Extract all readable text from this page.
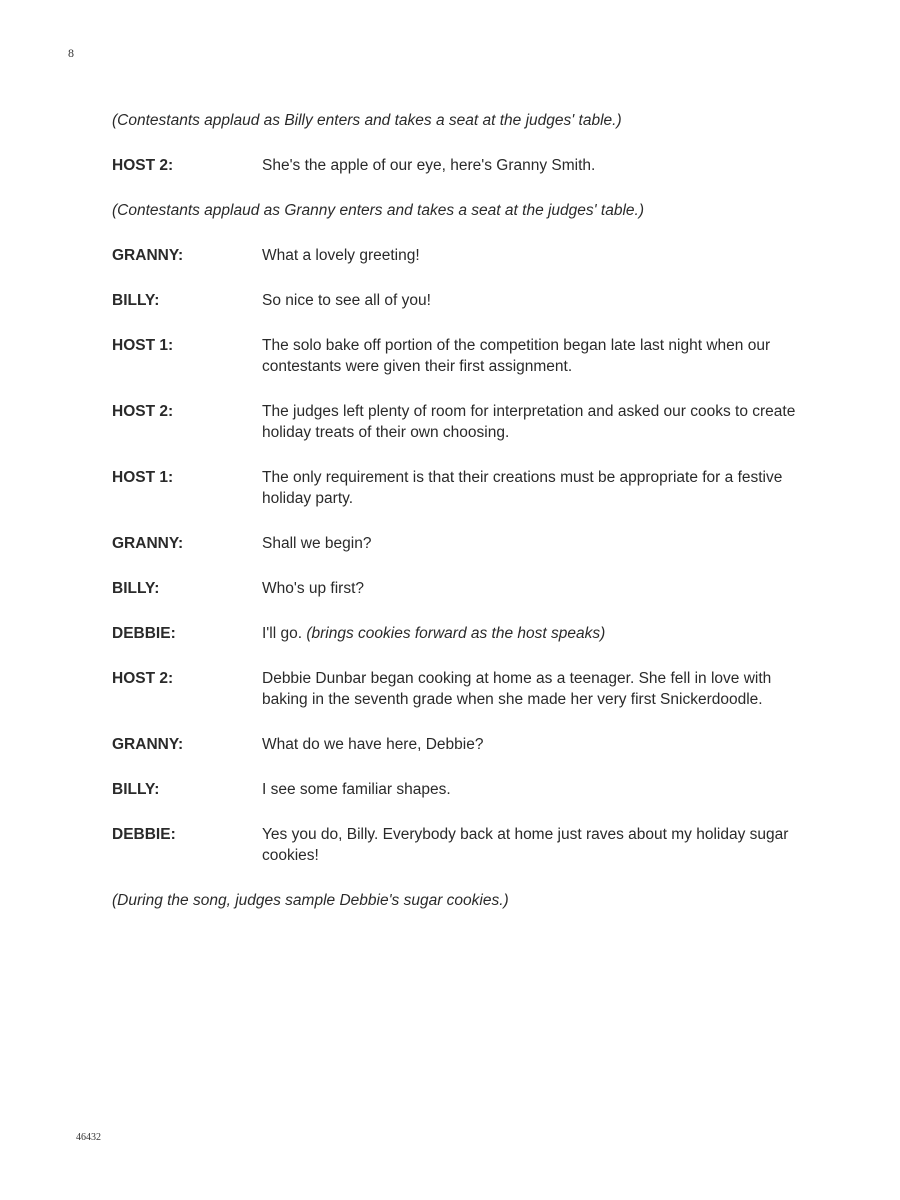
8
(Contestants applaud as Billy enters and takes a seat at the judges' table.)
HOST 2:	She's the apple of our eye, here's Granny Smith.
(Contestants applaud as Granny enters and takes a seat at the judges' table.)
GRANNY:	What a lovely greeting!
BILLY:	So nice to see all of you!
HOST 1:	The solo bake off portion of the competition began late last night when our contestants were given their first assignment.
HOST 2:	The judges left plenty of room for interpretation and asked our cooks to create holiday treats of their own choosing.
HOST 1:	The only requirement is that their creations must be appropriate for a festive holiday party.
GRANNY:	Shall we begin?
BILLY:	Who's up first?
DEBBIE:	I'll go. (brings cookies forward as the host speaks)
HOST 2:	Debbie Dunbar began cooking at home as a teenager. She fell in love with baking in the seventh grade when she made her very first Snickerdoodle.
GRANNY:	What do we have here, Debbie?
BILLY:	I see some familiar shapes.
DEBBIE:	Yes you do, Billy. Everybody back at home just raves about my holiday sugar cookies!
(During the song, judges sample Debbie's sugar cookies.)
46432
